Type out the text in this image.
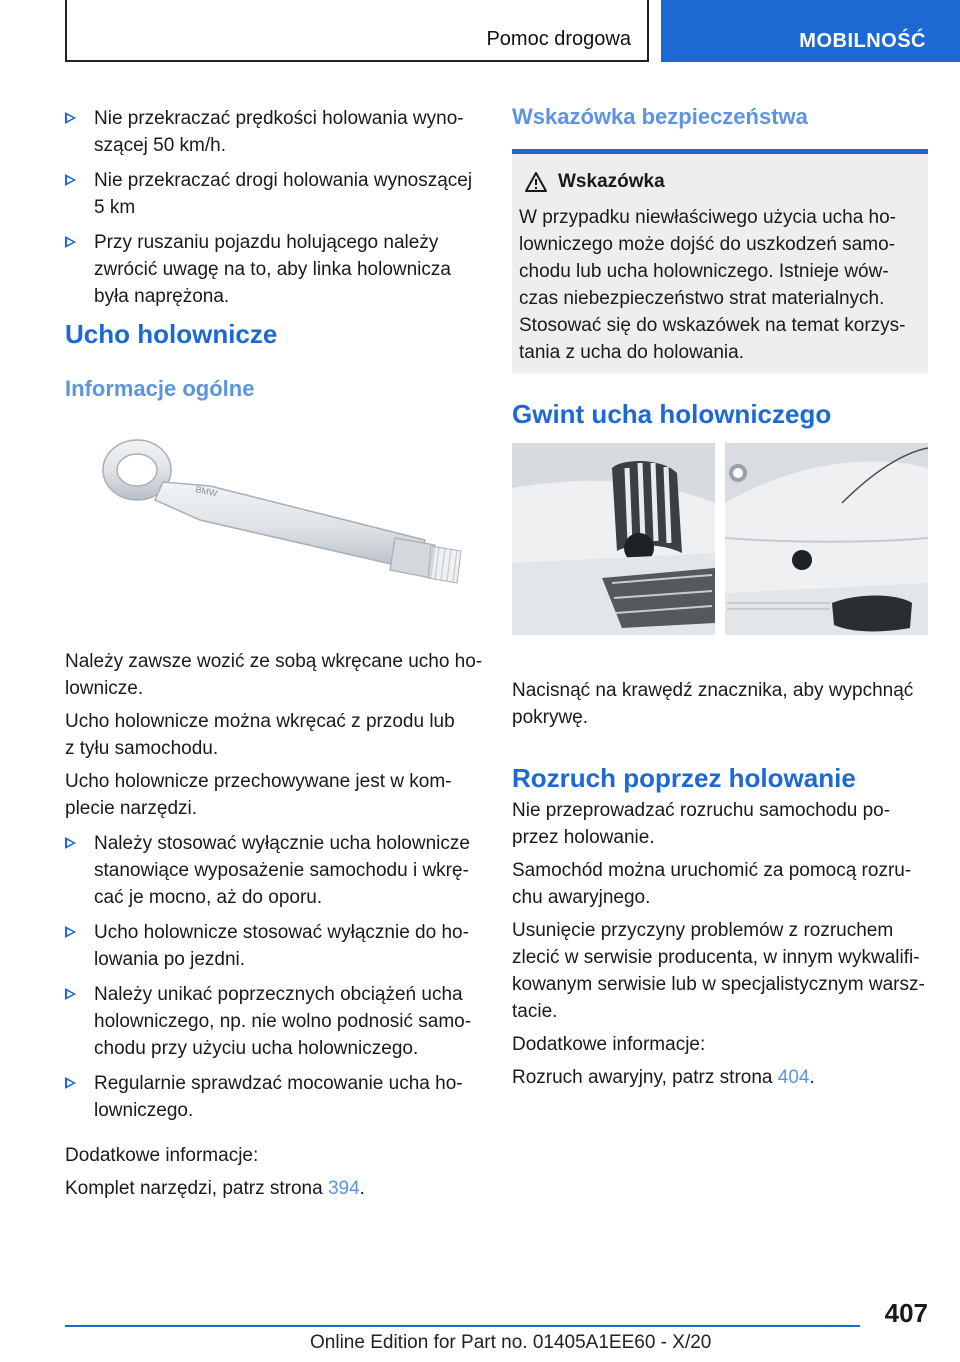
Pomoc drogowa	MOBILNOŚĆ

Nie przekraczać prędkości holowania wyno-
szącej 50 km/h.

Nie przekraczać drogi holowania wynoszącej
5 km

Przy ruszaniu pojazdu holującego należy
zwrócić uwagę na to, aby linka holownicza
była naprężona.

Ucho holownicze
Informacje ogólne
BMW

Należy zawsze wozić ze sobą wkręcane ucho ho-
lownicze.

Ucho holownicze można wkręcać z przodu lub
z tyłu samochodu.

Ucho holownicze przechowywane jest w kom-
plecie narzędzi.

Należy stosować wyłącznie ucha holownicze
stanowiące wyposażenie samochodu i wkrę-
cać je mocno, aż do oporu.

Ucho holownicze stosować wyłącznie do ho-
lowania po jezdni.

Należy unikać poprzecznych obciążeń ucha
holowniczego, np. nie wolno podnosić samo-
chodu przy użyciu ucha holowniczego.

Regularnie sprawdzać mocowanie ucha ho-
lowniczego.

Dodatkowe informacje:

Komplet narzędzi, patrz strona 394.

Wskazówka bezpieczeństwa
Wskazówka
W przypadku niewłaściwego użycia ucha ho-
lowniczego może dojść do uszkodzeń samo-
chodu lub ucha holowniczego. Istnieje wów-
czas niebezpieczeństwo strat materialnych.
Stosować się do wskazówek na temat korzys-
tania z ucha do holowania.
Gwint ucha holowniczego
Nacisnąć na krawędź znacznika, aby wypchnąć
pokrywę.
Rozruch poprzez holowanie

Nie przeprowadzać rozruchu samochodu po-
przez holowanie.

Samochód można uruchomić za pomocą rozru-
chu awaryjnego.

Usunięcie przyczyny problemów z rozruchem
zlecić w serwisie producenta, w innym wykwalifi-
kowanym serwisie lub w specjalistycznym warsz-
tacie.

Dodatkowe informacje:

Rozruch awaryjny, patrz strona 404.

407
Online Edition for Part no. 01405A1EE60 - X/20
